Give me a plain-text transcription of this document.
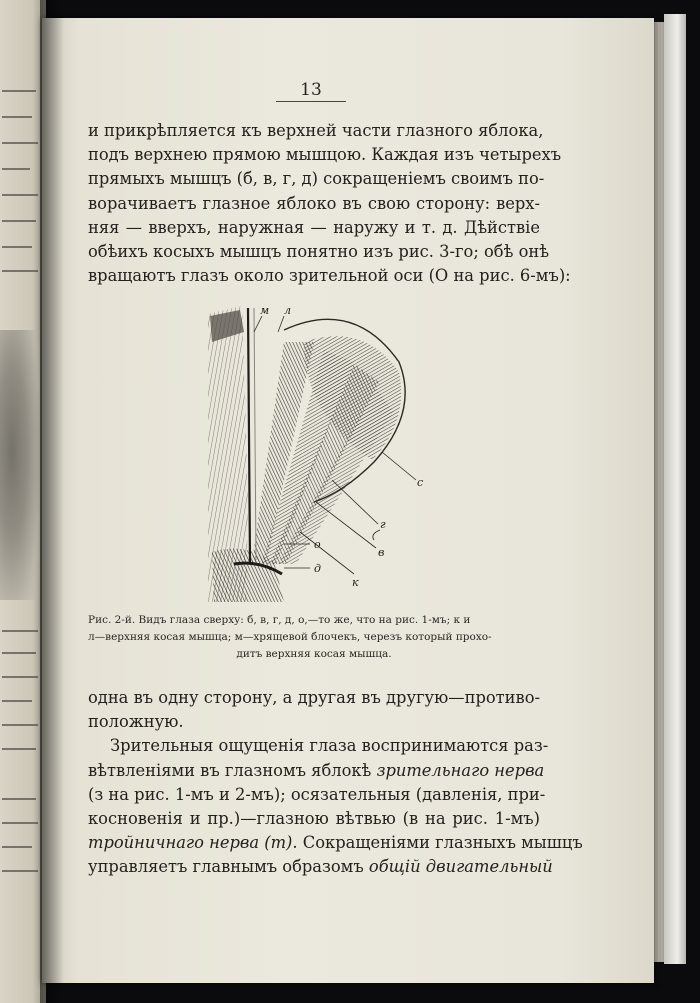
13
и прикрѣпляется къ верхней части глазного яблока,
подъ верхнею прямою мышцою. Каждая изъ четырехъ
прямыхъ мышцъ (б, в, г, д) сокращеніемъ своимъ по-
ворачиваетъ глазное яблоко въ свою сторону: верх-
няя — вверхъ, наружная — наружу и т. д. Дѣйствіе
обѣихъ косыхъ мышцъ понятно изъ рис. 3-го; обѣ онѣ
вращаютъ глазъ около зрительной оси (O на рис. 6-мъ):
м л
с
г
в
о
д
к
Рис. 2-й. Видъ глаза сверху: б, в, г, д, о,—то же, что на рис. 1-мъ; к и
л—верхняя косая мышца; м—хрящевой блочекъ, черезъ который прохо-
дитъ верхняя косая мышца.
одна въ одну сторону, а другая въ другую—противо-
положную.
Зрительныя ощущенія глаза воспринимаются раз-
вѣтвленіями въ глазномъ яблокѣ зрительнаго нерва
(з на рис. 1-мъ и 2-мъ); осязательныя (давленія, при-
косновенія и пр.)—глазною вѣтвью (в на рис. 1-мъ)
тройничнаго нерва (т). Сокращеніями глазныхъ мышцъ
управляетъ главнымъ образомъ общій двигательный
